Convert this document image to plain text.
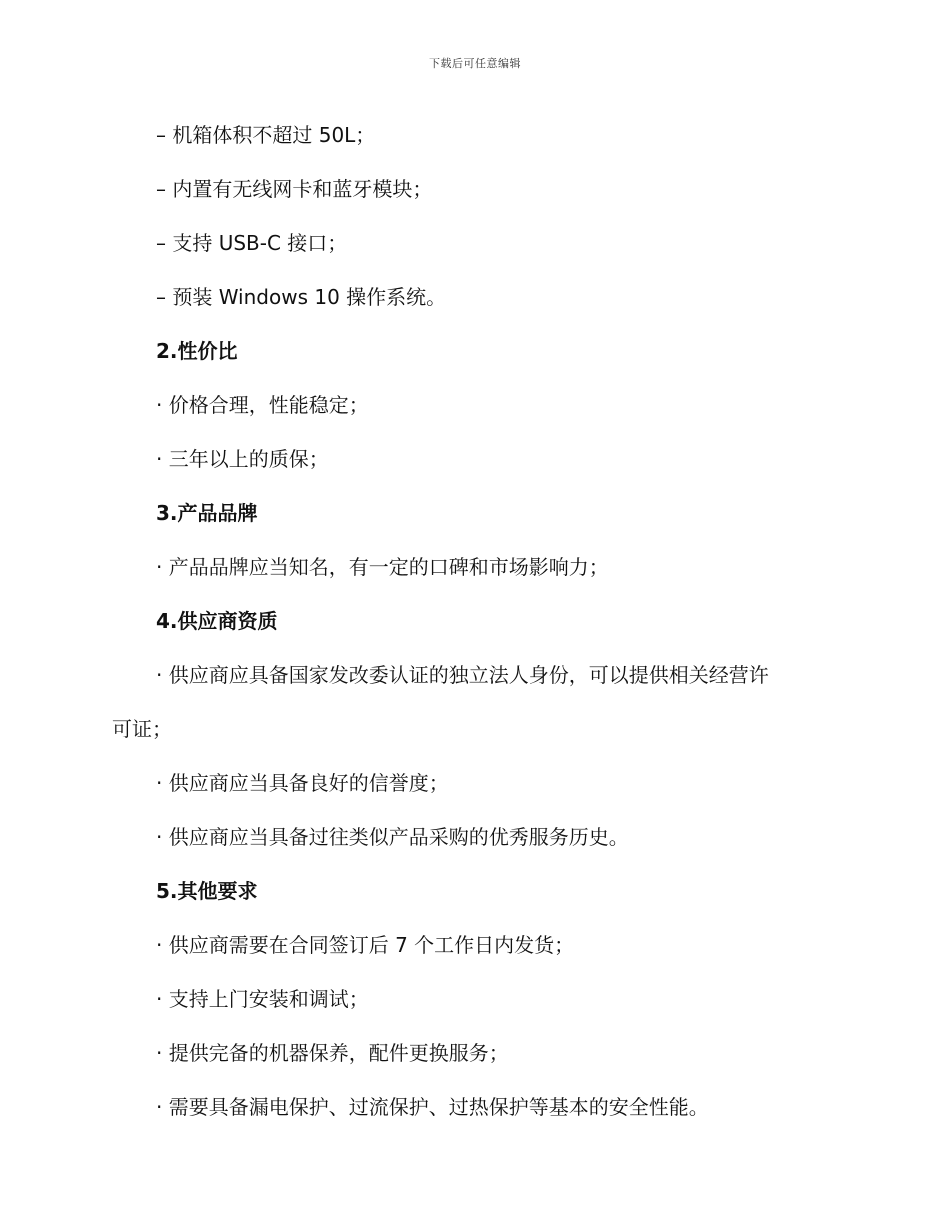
下载后可任意编辑
– 机箱体积不超过 50L；
– 内置有无线网卡和蓝牙模块；
– 支持 USB-C 接口；
– 预装 Windows 10 操作系统。
2.性价比
· 价格合理，性能稳定；
· 三年以上的质保；
3.产品品牌
· 产品品牌应当知名，有一定的口碑和市场影响力；
4.供应商资质
· 供应商应具备国家发改委认证的独立法人身份，可以提供相关经营许
可证；
· 供应商应当具备良好的信誉度；
· 供应商应当具备过往类似产品采购的优秀服务历史。
5.其他要求
· 供应商需要在合同签订后 7 个工作日内发货；
· 支持上门安装和调试；
· 提供完备的机器保养，配件更换服务；
· 需要具备漏电保护、过流保护、过热保护等基本的安全性能。
